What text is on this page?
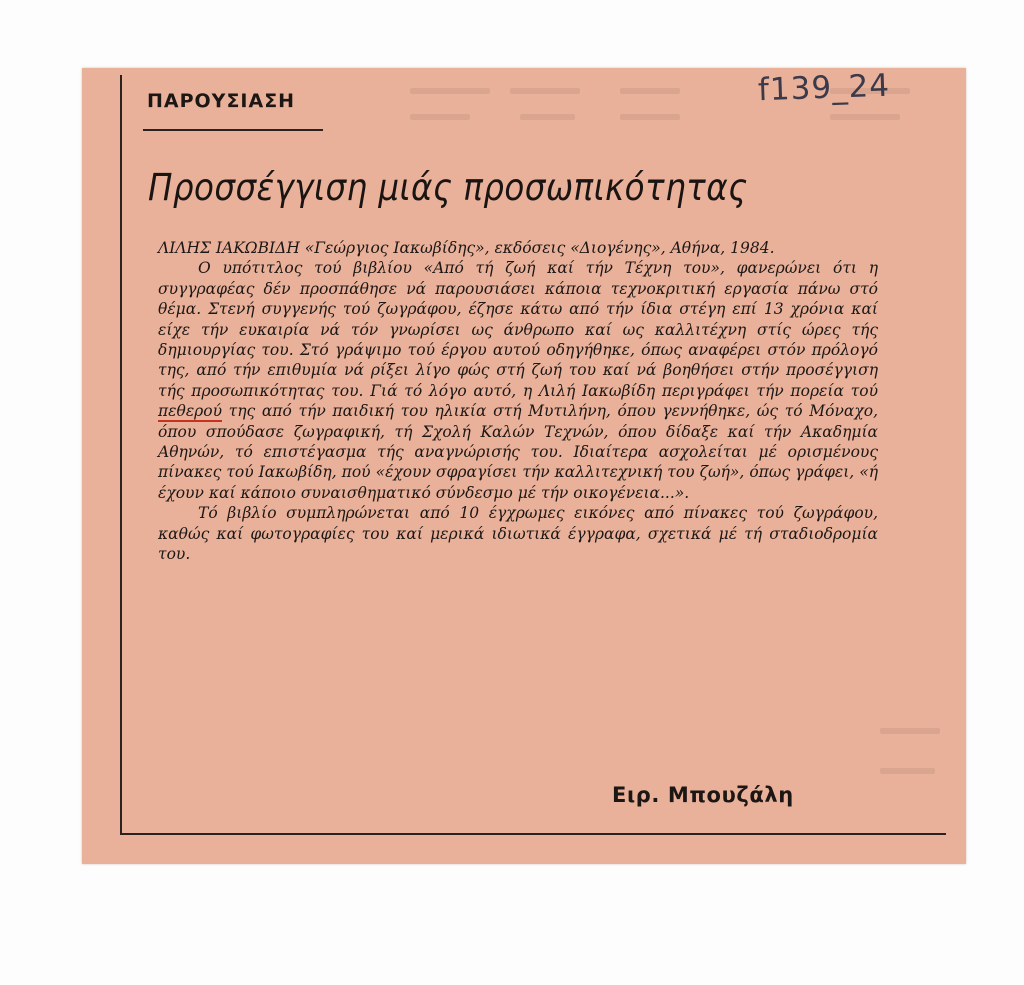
f139_24
ΠΑΡΟΥΣΙΑΣΗ
Προσσέγγιση μιάς προσωπικότητας

ΛΙΛΗΣ ΙΑΚΩΒΙΔΗ «Γεώργιος Ιακωβίδης», εκδόσεις «Διογένης», Αθήνα, 1984.

Ο υπότιτλος τού βιβλίου «Από τή ζωή καί τήν Τέχνη του», φανερώνει ότι η συγγραφέας δέν προσπάθησε νά παρουσιάσει κάποια τεχνοκριτική εργασία πάνω στό θέμα. Στενή συγγενής τού ζωγράφου, έζησε κάτω από τήν ίδια στέγη επί 13 χρόνια καί είχε τήν ευκαιρία νά τόν γνωρίσει ως άνθρωπο καί ως καλλιτέχνη στίς ώρες τής δημιουργίας του. Στό γράψιμο τού έργου αυτού οδηγήθηκε, όπως αναφέρει στόν πρόλογό της, από τήν επιθυμία νά ρίξει λίγο φώς στή ζωή του καί νά βοηθήσει στήν προσέγγιση τής προσωπικότητας του. Γιά τό λόγο αυτό, η Λιλή Ιακωβίδη περιγράφει τήν πορεία τού πεθερού της από τήν παιδική του ηλικία στή Μυτιλήνη, όπου γεννήθηκε, ώς τό Μόναχο, όπου σπούδασε ζωγραφική, τή Σχολή Καλών Τεχνών, όπου δίδαξε καί τήν Ακαδημία Αθηνών, τό επιστέγασμα τής αναγνώρισής του. Ιδιαίτερα ασχολείται μέ ορισμένους πίνακες τού Ιακωβίδη, πού «έχουν σφραγίσει τήν καλλιτεχνική του ζωή», όπως γράφει, «ή έχουν καί κάποιο συναισθηματικό σύνδεσμο μέ τήν οικογένεια...».

Τό βιβλίο συμπληρώνεται από 10 έγχρωμες εικόνες από πίνακες τού ζωγράφου, καθώς καί φωτογραφίες του καί μερικά ιδιωτικά έγγραφα, σχετικά μέ τή σταδιοδρομία του.

Ειρ. Μπουζάλη
